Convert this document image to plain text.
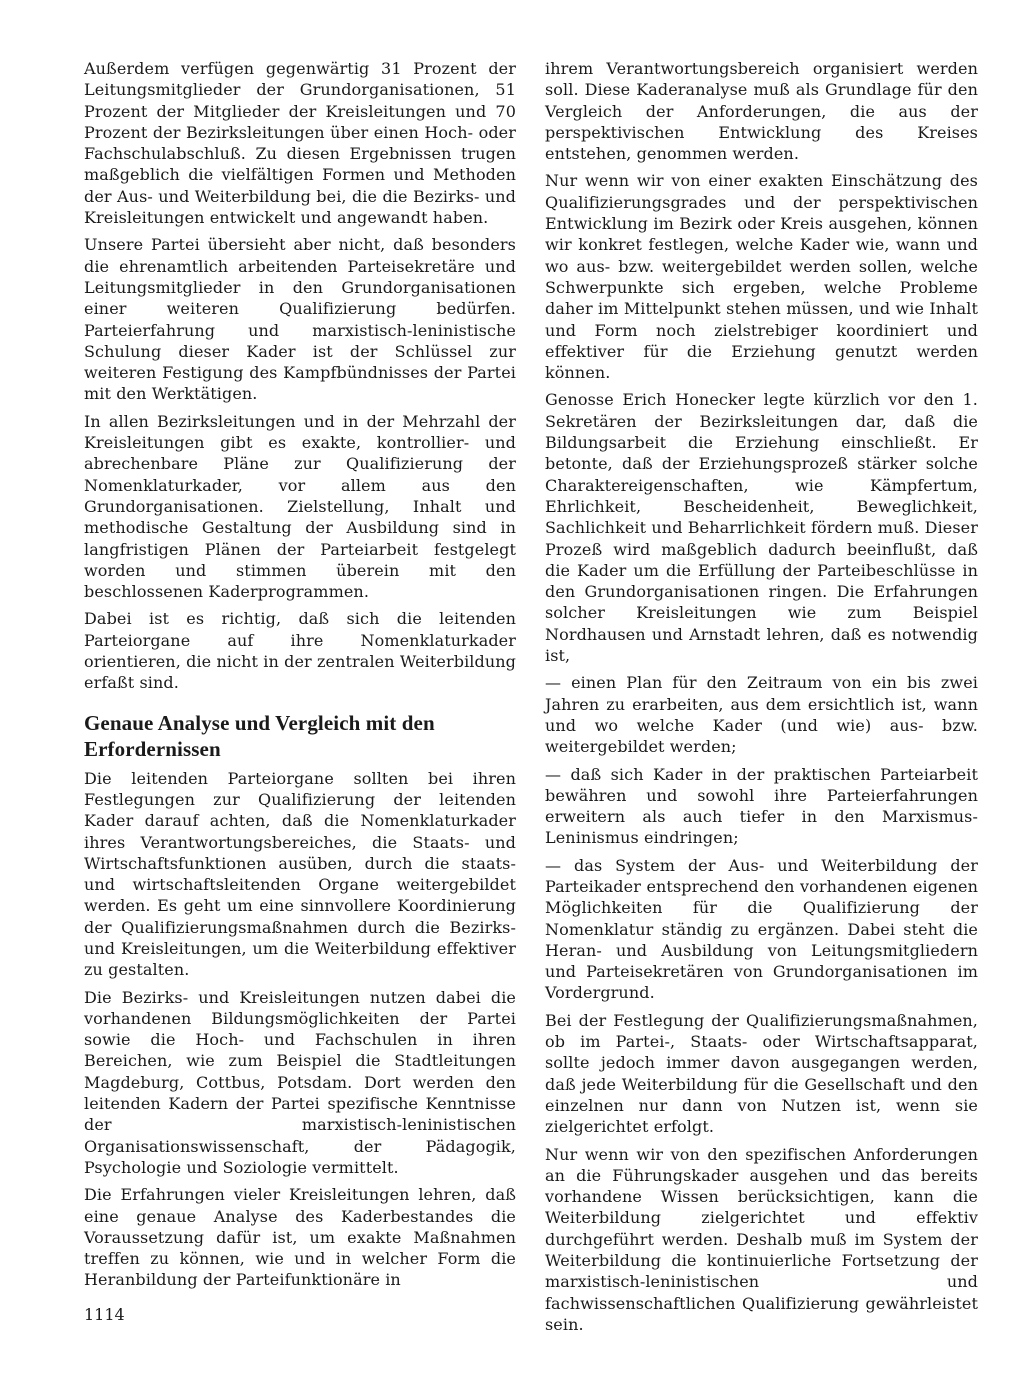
Außerdem verfügen gegenwärtig 31 Prozent der Leitungsmitglieder der Grundorganisationen, 51 Prozent der Mitglieder der Kreisleitungen und 70 Prozent der Bezirksleitungen über einen Hoch- oder Fachschulabschluß. Zu diesen Ergebnissen trugen maßgeblich die vielfältigen Formen und Methoden der Aus- und Weiterbildung bei, die die Bezirks- und Kreisleitungen entwickelt und angewandt haben.

Unsere Partei übersieht aber nicht, daß besonders die ehrenamtlich arbeitenden Parteisekretäre und Leitungsmitglieder in den Grundorganisationen einer weiteren Qualifizierung bedürfen. Parteierfahrung und marxistisch-leninistische Schulung dieser Kader ist der Schlüssel zur weiteren Festigung des Kampfbündnisses der Partei mit den Werktätigen.

In allen Bezirksleitungen und in der Mehrzahl der Kreisleitungen gibt es exakte, kontrollier- und abrechenbare Pläne zur Qualifizierung der Nomenklaturkader, vor allem aus den Grundorganisationen. Zielstellung, Inhalt und methodische Gestaltung der Ausbildung sind in langfristigen Plänen der Parteiarbeit festgelegt worden und stimmen überein mit den beschlossenen Kaderprogrammen.

Dabei ist es richtig, daß sich die leitenden Parteiorgane auf ihre Nomenklaturkader orientieren, die nicht in der zentralen Weiterbildung erfaßt sind.

Genaue Analyse und Vergleich mit den Erfordernissen

Die leitenden Parteiorgane sollten bei ihren Festlegungen zur Qualifizierung der leitenden Kader darauf achten, daß die Nomenklaturkader ihres Verantwortungsbereiches, die Staats- und Wirtschaftsfunktionen ausüben, durch die staats- und wirtschaftsleitenden Organe weitergebildet werden. Es geht um eine sinnvollere Koordinierung der Qualifizierungsmaßnahmen durch die Bezirks- und Kreisleitungen, um die Weiterbildung effektiver zu gestalten.

Die Bezirks- und Kreisleitungen nutzen dabei die vorhandenen Bildungsmöglichkeiten der Partei sowie die Hoch- und Fachschulen in ihren Bereichen, wie zum Beispiel die Stadtleitungen Magdeburg, Cottbus, Potsdam. Dort werden den leitenden Kadern der Partei spezifische Kenntnisse der marxistisch-leninistischen Organisationswissenschaft, der Pädagogik, Psychologie und Soziologie vermittelt.

Die Erfahrungen vieler Kreisleitungen lehren, daß eine genaue Analyse des Kaderbestandes die Voraussetzung dafür ist, um exakte Maßnahmen treffen zu können, wie und in welcher Form die Heranbildung der Parteifunktionäre in

ihrem Verantwortungsbereich organisiert werden soll. Diese Kaderanalyse muß als Grundlage für den Vergleich der Anforderungen, die aus der perspektivischen Entwicklung des Kreises entstehen, genommen werden.

Nur wenn wir von einer exakten Einschätzung des Qualifizierungsgrades und der perspektivischen Entwicklung im Bezirk oder Kreis ausgehen, können wir konkret festlegen, welche Kader wie, wann und wo aus- bzw. weitergebildet werden sollen, welche Schwerpunkte sich ergeben, welche Probleme daher im Mittelpunkt stehen müssen, und wie Inhalt und Form noch zielstrebiger koordiniert und effektiver für die Erziehung genutzt werden können.

Genosse Erich Honecker legte kürzlich vor den 1. Sekretären der Bezirksleitungen dar, daß die Bildungsarbeit die Erziehung einschließt. Er betonte, daß der Erziehungsprozeß stärker solche Charaktereigenschaften, wie Kämpfertum, Ehrlichkeit, Bescheidenheit, Beweglichkeit, Sachlichkeit und Beharrlichkeit fördern muß. Dieser Prozeß wird maßgeblich dadurch beeinflußt, daß die Kader um die Erfüllung der Parteibeschlüsse in den Grundorganisationen ringen. Die Erfahrungen solcher Kreisleitungen wie zum Beispiel Nordhausen und Arnstadt lehren, daß es notwendig ist,

— einen Plan für den Zeitraum von ein bis zwei Jahren zu erarbeiten, aus dem ersichtlich ist, wann und wo welche Kader (und wie) aus- bzw. weitergebildet werden;

— daß sich Kader in der praktischen Parteiarbeit bewähren und sowohl ihre Parteierfahrungen erweitern als auch tiefer in den Marxismus-Leninismus eindringen;

— das System der Aus- und Weiterbildung der Parteikader entsprechend den vorhandenen eigenen Möglichkeiten für die Qualifizierung der Nomenklatur ständig zu ergänzen. Dabei steht die Heran- und Ausbildung von Leitungsmitgliedern und Parteisekretären von Grundorganisationen im Vordergrund.

Bei der Festlegung der Qualifizierungsmaßnahmen, ob im Partei-, Staats- oder Wirtschaftsapparat, sollte jedoch immer davon ausgegangen werden, daß jede Weiterbildung für die Gesellschaft und den einzelnen nur dann von Nutzen ist, wenn sie zielgerichtet erfolgt.

Nur wenn wir von den spezifischen Anforderungen an die Führungskader ausgehen und das bereits vorhandene Wissen berücksichtigen, kann die Weiterbildung zielgerichtet und effektiv durchgeführt werden. Deshalb muß im System der Weiterbildung die kontinuierliche Fortsetzung der marxistisch-leninistischen und fachwissenschaftlichen Qualifizierung gewährleistet sein.

1114
